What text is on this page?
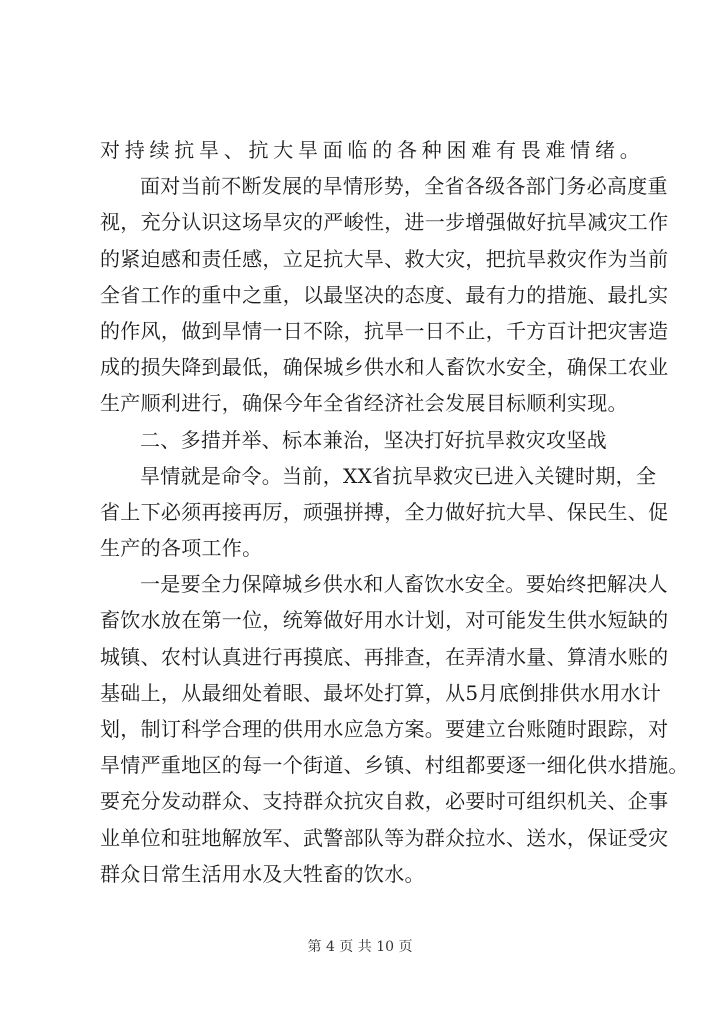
对持续抗旱、抗大旱面临的各种困难有畏难情绪。
面对当前不断发展的旱情形势，全省各级各部门务必高度重
视，充分认识这场旱灾的严峻性，进一步增强做好抗旱减灾工作
的紧迫感和责任感，立足抗大旱、救大灾，把抗旱救灾作为当前
全省工作的重中之重，以最坚决的态度、最有力的措施、最扎实
的作风，做到旱情一日不除，抗旱一日不止，千方百计把灾害造
成的损失降到最低，确保城乡供水和人畜饮水安全，确保工农业
生产顺利进行，确保今年全省经济社会发展目标顺利实现。
二、多措并举、标本兼治，坚决打好抗旱救灾攻坚战
旱情就是命令。当前，XX省抗旱救灾已进入关键时期，全
省上下必须再接再厉，顽强拼搏，全力做好抗大旱、保民生、促
生产的各项工作。
一是要全力保障城乡供水和人畜饮水安全。要始终把解决人
畜饮水放在第一位，统筹做好用水计划，对可能发生供水短缺的
城镇、农村认真进行再摸底、再排查，在弄清水量、算清水账的
基础上，从最细处着眼、最坏处打算，从5月底倒排供水用水计
划，制订科学合理的供用水应急方案。要建立台账随时跟踪，对
旱情严重地区的每一个街道、乡镇、村组都要逐一细化供水措施。
要充分发动群众、支持群众抗灾自救，必要时可组织机关、企事
业单位和驻地解放军、武警部队等为群众拉水、送水，保证受灾
群众日常生活用水及大牲畜的饮水。
第 4 页 共 10 页
